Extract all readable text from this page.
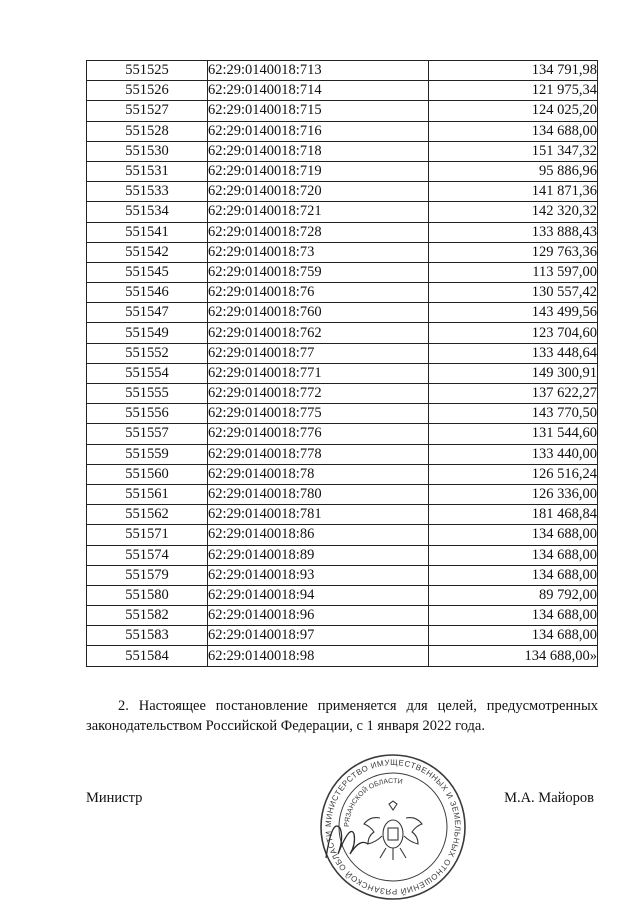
551525	62:29:0140018:713	134 791,98
551526	62:29:0140018:714	121 975,34
551527	62:29:0140018:715	124 025,20
551528	62:29:0140018:716	134 688,00
551530	62:29:0140018:718	151 347,32
551531	62:29:0140018:719	95 886,96
551533	62:29:0140018:720	141 871,36
551534	62:29:0140018:721	142 320,32
551541	62:29:0140018:728	133 888,43
551542	62:29:0140018:73	129 763,36
551545	62:29:0140018:759	113 597,00
551546	62:29:0140018:76	130 557,42
551547	62:29:0140018:760	143 499,56
551549	62:29:0140018:762	123 704,60
551552	62:29:0140018:77	133 448,64
551554	62:29:0140018:771	149 300,91
551555	62:29:0140018:772	137 622,27
551556	62:29:0140018:775	143 770,50
551557	62:29:0140018:776	131 544,60
551559	62:29:0140018:778	133 440,00
551560	62:29:0140018:78	126 516,24
551561	62:29:0140018:780	126 336,00
551562	62:29:0140018:781	181 468,84
551571	62:29:0140018:86	134 688,00
551574	62:29:0140018:89	134 688,00
551579	62:29:0140018:93	134 688,00
551580	62:29:0140018:94	89 792,00
551582	62:29:0140018:96	134 688,00
551583	62:29:0140018:97	134 688,00
551584	62:29:0140018:98	134 688,00»
2. Настоящее постановление применяется для целей, предусмотренных законодательством Российской Федерации, с 1 января 2022 года.
Министр	М.А. Майоров
МИНИСТЕРСТВО ИМУЩЕСТВЕННЫХ И ЗЕМЕЛЬНЫХ ОТНОШЕНИЙ РЯЗАНСКОЙ ОБЛАСТИ
РЯЗАНСКОЙ ОБЛАСТИ
